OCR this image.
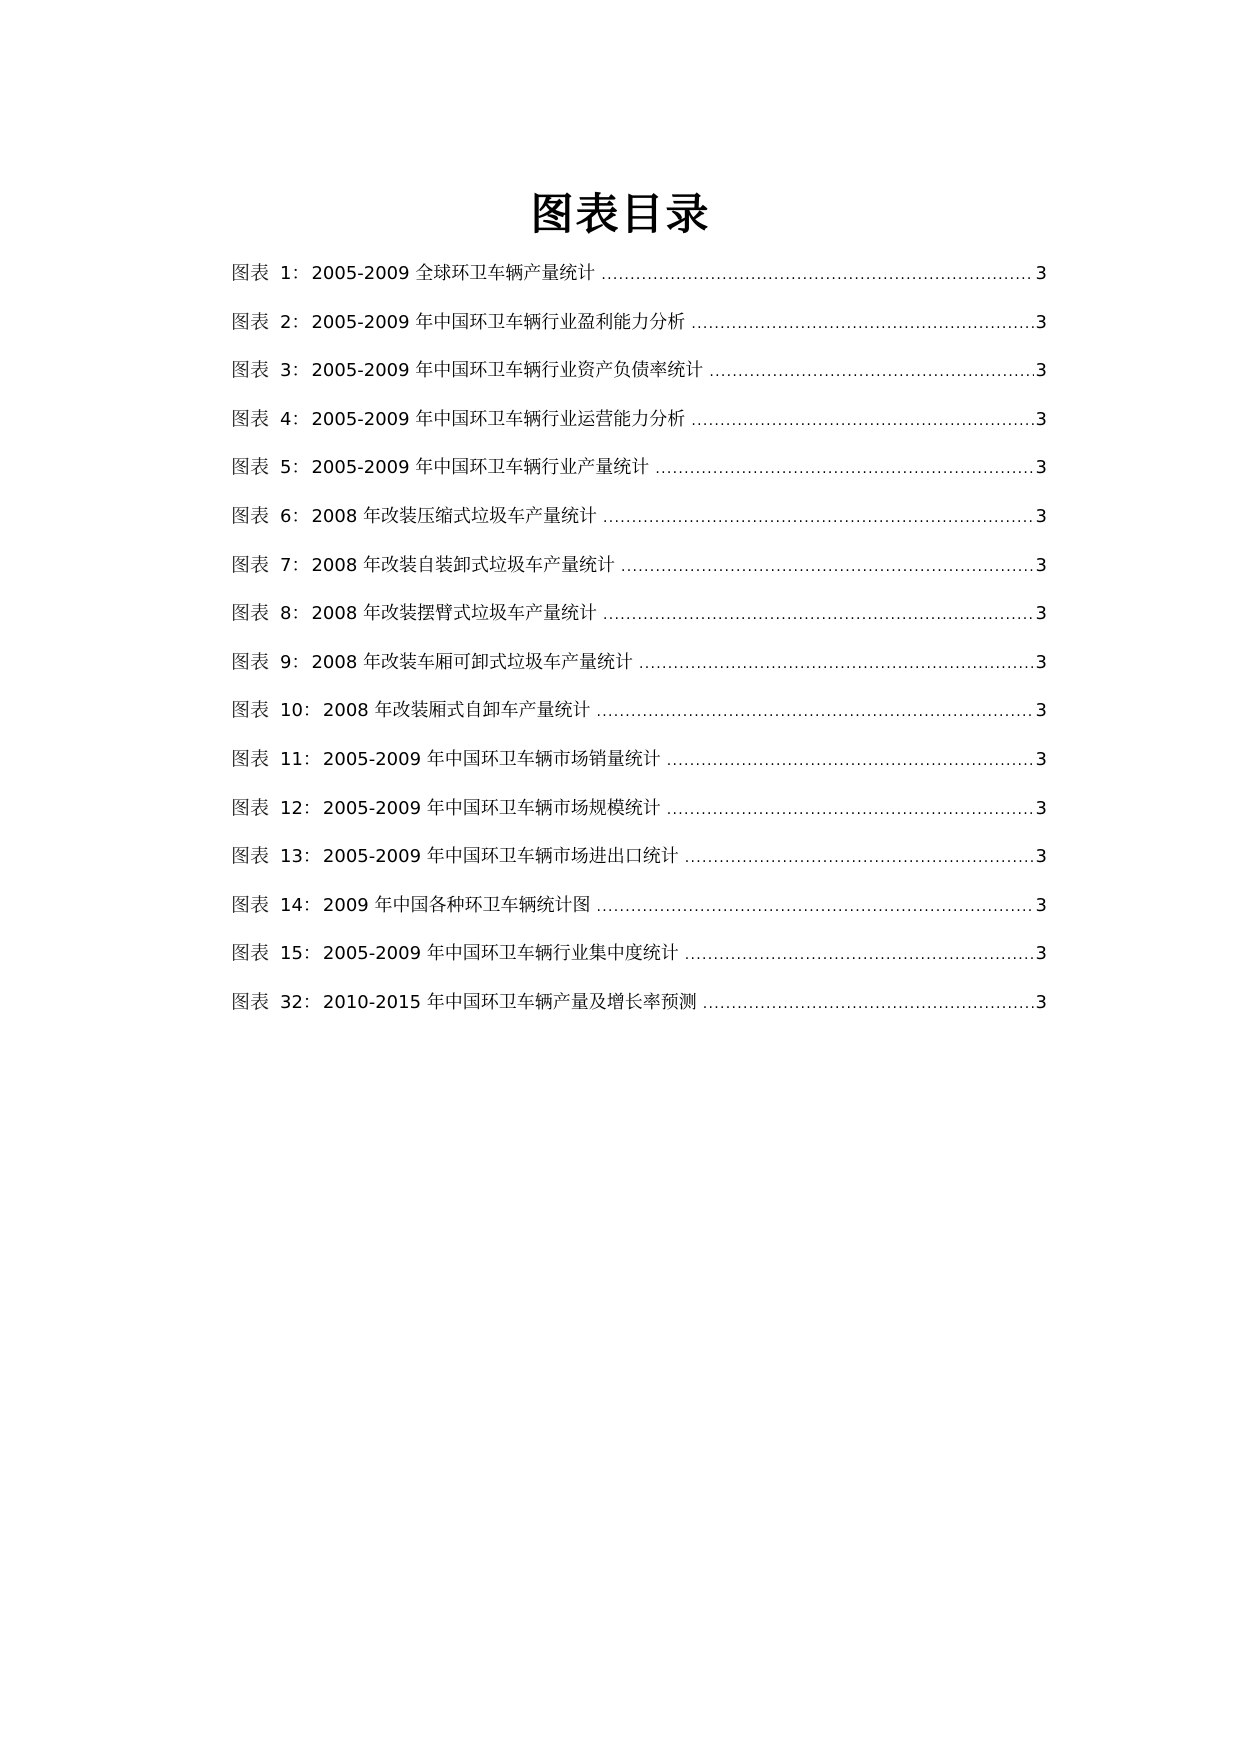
图表目录
图表 1 ： 2005-2009 全球环卫车辆产量统计 .....	3
图表 2 ： 2005-2009 年中国环卫车辆行业盈利能力分析 .....	3
图表 3 ： 2005-2009 年中国环卫车辆行业资产负债率统计 .....	3
图表 4 ： 2005-2009 年中国环卫车辆行业运营能力分析 .....	3
图表 5 ： 2005-2009 年中国环卫车辆行业产量统计 .....	3
图表 6 ： 2008 年改装压缩式垃圾车产量统计 .....	3
图表 7 ： 2008 年改装自装卸式垃圾车产量统计 .....	3
图表 8 ： 2008 年改装摆臂式垃圾车产量统计 .....	3
图表 9 ： 2008 年改装车厢可卸式垃圾车产量统计 .....	3
图表 10 ： 2008 年改装厢式自卸车产量统计 .....	3
图表 11 ： 2005-2009 年中国环卫车辆市场销量统计 .....	3
图表 12 ： 2005-2009 年中国环卫车辆市场规模统计 .....	3
图表 13 ： 2005-2009 年中国环卫车辆市场进出口统计 .....	3
图表 14 ： 2009 年中国各种环卫车辆统计图 .....	3
图表 15 ： 2005-2009 年中国环卫车辆行业集中度统计 .....	3
图表 32 ： 2010-2015 年中国环卫车辆产量及增长率预测 .....	3
